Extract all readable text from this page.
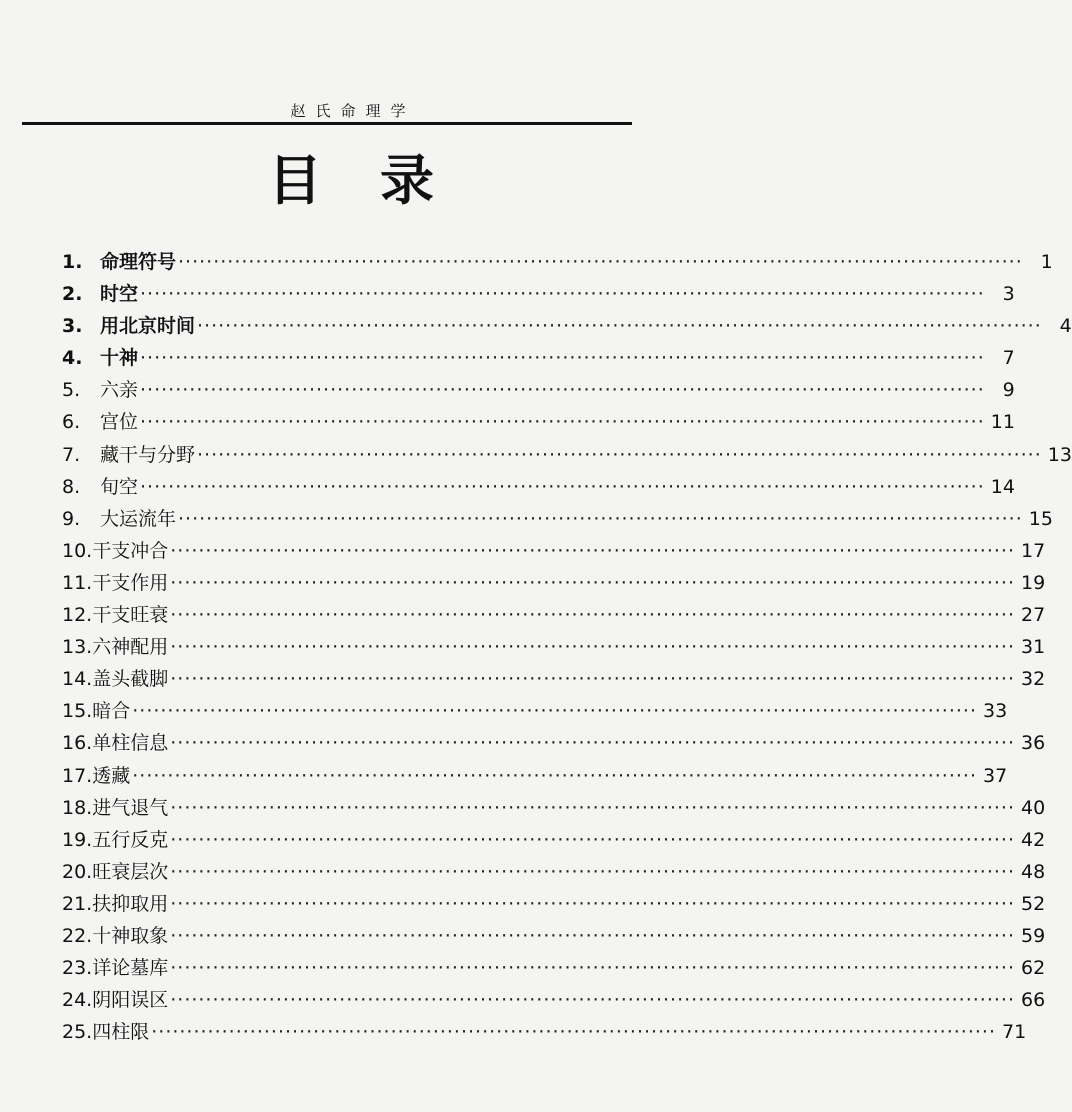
赵氏命理学
目录
1. 命理符号 ························································································································ 1
2. 时空 ························································································································ 3
3. 用北京时间 ························································································································ 4
4. 十神 ························································································································ 7
5.	六亲 ························································································································ 9
6.	宫位 ························································································································ 11
7.	藏干与分野 ························································································································ 13
8.	旬空 ························································································································ 14
9.	大运流年 ························································································································ 15
10. 干支冲合 ························································································································ 17
11. 干支作用 ························································································································ 19
12. 干支旺衰 ························································································································ 27
13. 六神配用 ························································································································ 31
14. 盖头截脚 ························································································································ 32
15. 暗合 ························································································································ 33
16. 单柱信息 ························································································································ 36
17. 透藏 ························································································································ 37
18. 进气退气 ························································································································ 40
19. 五行反克 ························································································································ 42
20. 旺衰层次 ························································································································ 48
21. 扶抑取用 ························································································································ 52
22. 十神取象 ························································································································ 59
23. 详论墓库 ························································································································ 62
24. 阴阳误区 ························································································································ 66
25. 四柱限 ························································································································ 71
